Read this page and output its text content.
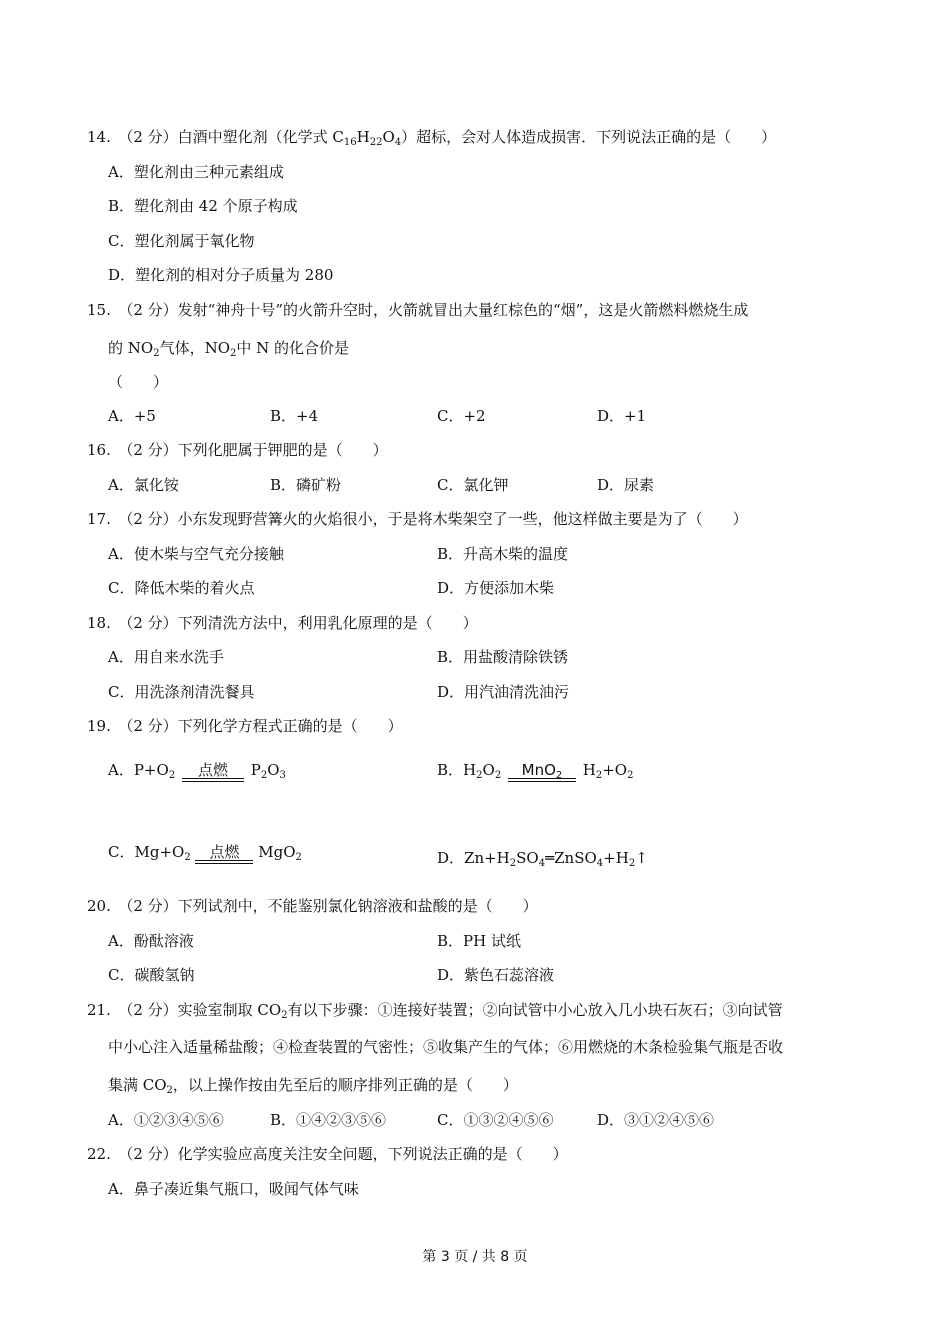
14.　（2 分）白酒中塑化剂（化学式 $C_{16}H_{22}O_4$）超标，会对人体造成损害．下列说法正确的是（　　）
A．塑化剂由三种元素组成
B．塑化剂由 42 个原子构成
C．塑化剂属于氧化物
D．塑化剂的相对分子质量为 280
15.　（2 分）发射“神舟十号”的火箭升空时，火箭就冒出大量红棕色的“烟”，这是火箭燃料燃烧生成
的 $NO_2$气体，$NO_2$中 N 的化合价是
（　　）
A．+5	B．+4	C．+2	D．+1
16.　（2 分）下列化肥属于钾肥的是（　　）
A．氯化铵	B．磷矿粉	C．氯化钾	D．尿素
17.　（2 分）小东发现野营篝火的火焰很小，于是将木柴架空了一些，他这样做主要是为了（　　）
A．使木柴与空气充分接触	B．升高木柴的温度
C．降低木柴的着火点	D．方便添加木柴
18.　（2 分）下列清洗方法中，利用乳化原理的是（　　）
A．用自来水洗手	B．用盐酸清除铁锈
C．用洗涤剂清洗餐具	D．用汽油清洗油污
19.　（2 分）下列化学方程式正确的是（　　）
A．$P+O_2$	点燃	$P_2O_3$	B．$H_2O_2$	MnO$_2$	$H_2+O_2$
C．$Mg+O_2$	点燃	MgO$_2$	D．$Zn+H_2SO_4═ZnSO_4+H_2↑$
20.　（2 分）下列试剂中，不能鉴别氯化钠溶液和盐酸的是（　　）
A．酚酞溶液	B．PH 试纸
C．碳酸氢钠	D．紫色石蕊溶液
21.　（2 分）实验室制取 $CO_2$有以下步骤：①连接好装置；②向试管中小心放入几小块石灰石；③向试管
中小心注入适量稀盐酸；④检查装置的气密性；⑤收集产生的气体；⑥用燃烧的木条检验集气瓶是否收
集满 $CO_2$，以上操作按由先至后的顺序排列正确的是（　　）
A．①②③④⑤⑥	B．①④②③⑤⑥	C．①③②④⑤⑥	D．③①②④⑤⑥
22.　（2 分）化学实验应高度关注安全问题，下列说法正确的是（　　）
A．鼻子凑近集气瓶口，吸闻气体气味
第 3 页 / 共 8 页
